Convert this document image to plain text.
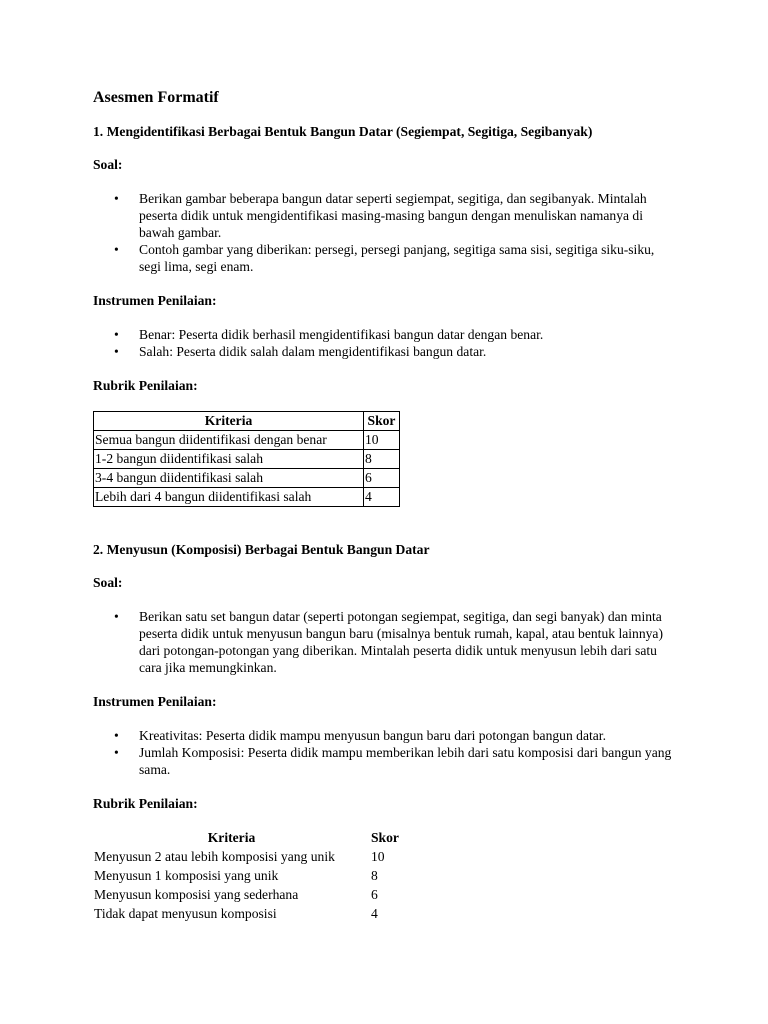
Asesmen Formatif

1. Mengidentifikasi Berbagai Bentuk Bangun Datar (Segiempat, Segitiga, Segibanyak)

Soal:

• Berikan gambar beberapa bangun datar seperti segiempat, segitiga, dan segibanyak. Mintalah peserta didik untuk mengidentifikasi masing-masing bangun dengan menuliskan namanya di bawah gambar.
• Contoh gambar yang diberikan: persegi, persegi panjang, segitiga sama sisi, segitiga siku-siku, segi lima, segi enam.

Instrumen Penilaian:

• Benar: Peserta didik berhasil mengidentifikasi bangun datar dengan benar.
• Salah: Peserta didik salah dalam mengidentifikasi bangun datar.

Rubrik Penilaian:

Kriteria	Skor
Semua bangun diidentifikasi dengan benar	10
1-2 bangun diidentifikasi salah	8
3-4 bangun diidentifikasi salah	6
Lebih dari 4 bangun diidentifikasi salah	4

2. Menyusun (Komposisi) Berbagai Bentuk Bangun Datar

Soal:

• Berikan satu set bangun datar (seperti potongan segiempat, segitiga, dan segi banyak) dan minta peserta didik untuk menyusun bangun baru (misalnya bentuk rumah, kapal, atau bentuk lainnya) dari potongan-potongan yang diberikan. Mintalah peserta didik untuk menyusun lebih dari satu cara jika memungkinkan.

Instrumen Penilaian:

• Kreativitas: Peserta didik mampu menyusun bangun baru dari potongan bangun datar.
• Jumlah Komposisi: Peserta didik mampu memberikan lebih dari satu komposisi dari bangun yang sama.

Rubrik Penilaian:

Kriteria	Skor
Menyusun 2 atau lebih komposisi yang unik	10
Menyusun 1 komposisi yang unik	8
Menyusun komposisi yang sederhana	6
Tidak dapat menyusun komposisi	4
